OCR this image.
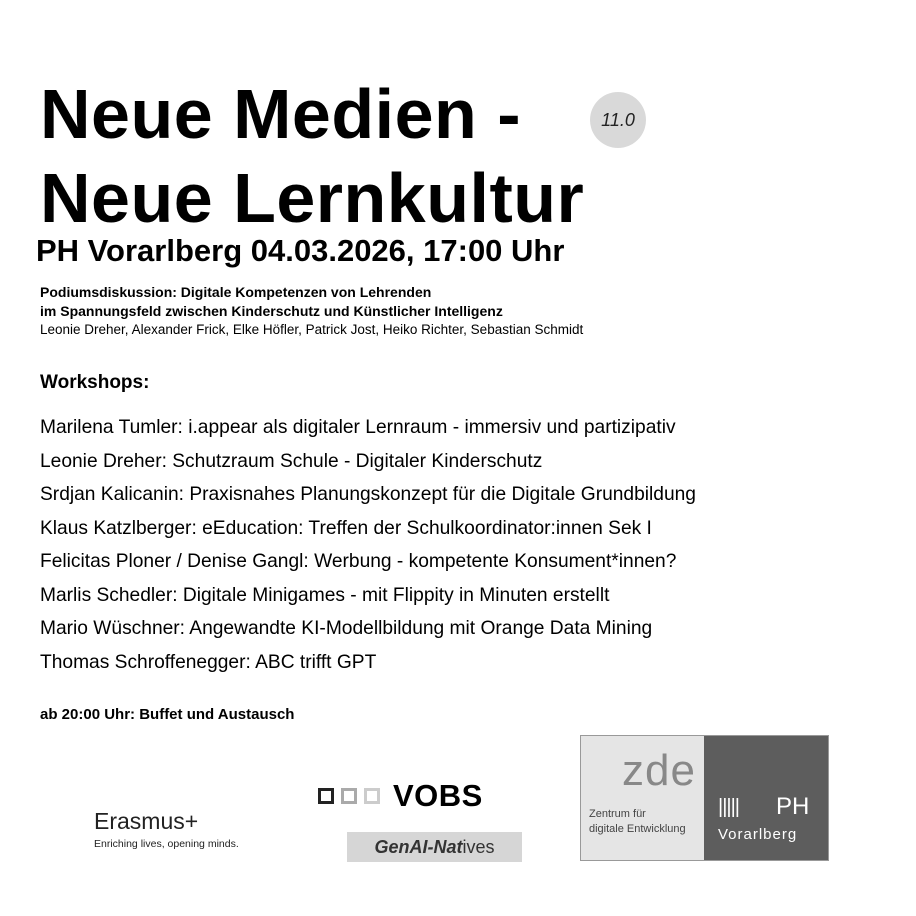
Neue Medien -	11.0
Neue Lernkultur
PH Vorarlberg 04.03.2026, 17:00 Uhr
Podiumsdiskussion: Digitale Kompetenzen von Lehrenden
im Spannungsfeld zwischen Kinderschutz und Künstlicher Intelligenz
Leonie Dreher, Alexander Frick, Elke Höfler, Patrick Jost, Heiko Richter, Sebastian Schmidt
Workshops:
Marilena Tumler: i.appear als digitaler Lernraum - immersiv und partizipativ
Leonie Dreher: Schutzraum Schule - Digitaler Kinderschutz
Srdjan Kalicanin: Praxisnahes Planungskonzept für die Digitale Grundbildung
Klaus Katzlberger: eEducation: Treffen der Schulkoordinator:innen Sek I
Felicitas Ploner / Denise Gangl: Werbung - kompetente Konsument*innen?
Marlis Schedler: Digitale Minigames - mit Flippity in Minuten erstellt
Mario Wüschner: Angewandte KI-Modellbildung mit Orange Data Mining
Thomas Schroffenegger: ABC trifft GPT
ab 20:00 Uhr: Buffet und Austausch
Erasmus+
Enriching lives, opening minds.
VOBS
GenAI-Nat ives
zde
Zentrum für
digitale Entwicklung
||||| PH
Vorarlberg
